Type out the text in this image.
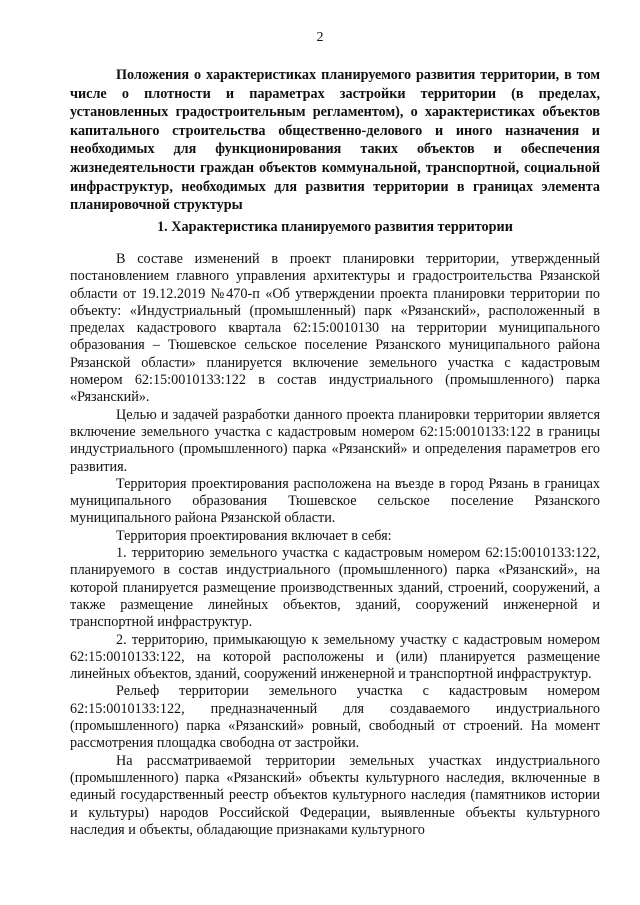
2
Положения о характеристиках планируемого развития территории, в том числе о плотности и параметрах застройки территории (в пределах, установленных градостроительным регламентом), о характеристиках объектов капитального строительства общественно-делового и иного назначения и необходимых для функционирования таких объектов и обеспечения жизнедеятельности граждан объектов коммунальной, транспортной, социальной инфраструктур, необходимых для развития территории в границах элемента планировочной структуры
1. Характеристика планируемого развития территории

В составе изменений в проект планировки территории, утвержденный постановлением главного управления архитектуры и градостроительства Рязанской области от 19.12.2019 №470-п «Об утверждении проекта планировки территории по объекту: «Индустриальный (промышленный) парк «Рязанский», расположенный в пределах кадастрового квартала 62:15:0010130 на территории муниципального образования – Тюшевское сельское поселение Рязанского муниципального района Рязанской области» планируется включение земельного участка с кадастровым номером 62:15:0010133:122 в состав индустриального (промышленного) парка «Рязанский».

Целью и задачей разработки данного проекта планировки территории является включение земельного участка с кадастровым номером 62:15:0010133:122 в границы индустриального (промышленного) парка «Рязанский» и определения параметров его развития.

Территория проектирования расположена на въезде в город Рязань в границах муниципального образования Тюшевское сельское поселение Рязанского муниципального района Рязанской области.

Территория проектирования включает в себя:

1. территорию земельного участка с кадастровым номером 62:15:0010133:122, планируемого в состав индустриального (промышленного) парка «Рязанский», на которой планируется размещение производственных зданий, строений, сооружений, а также размещение линейных объектов, зданий, сооружений инженерной и транспортной инфраструктур.

2. территорию, примыкающую к земельному участку с кадастровым номером 62:15:0010133:122, на которой расположены и (или) планируется размещение линейных объектов, зданий, сооружений инженерной и транспортной инфраструктур.

Рельеф территории земельного участка с кадастровым номером 62:15:0010133:122, предназначенный для создаваемого индустриального (промышленного) парка «Рязанский» ровный, свободный от строений. На момент рассмотрения площадка свободна от застройки.

На рассматриваемой территории земельных участках индустриального (промышленного) парка «Рязанский» объекты культурного наследия, включенные в единый государственный реестр объектов культурного наследия (памятников истории и культуры) народов Российской Федерации, выявленные объекты культурного наследия и объекты, обладающие признаками культурного
